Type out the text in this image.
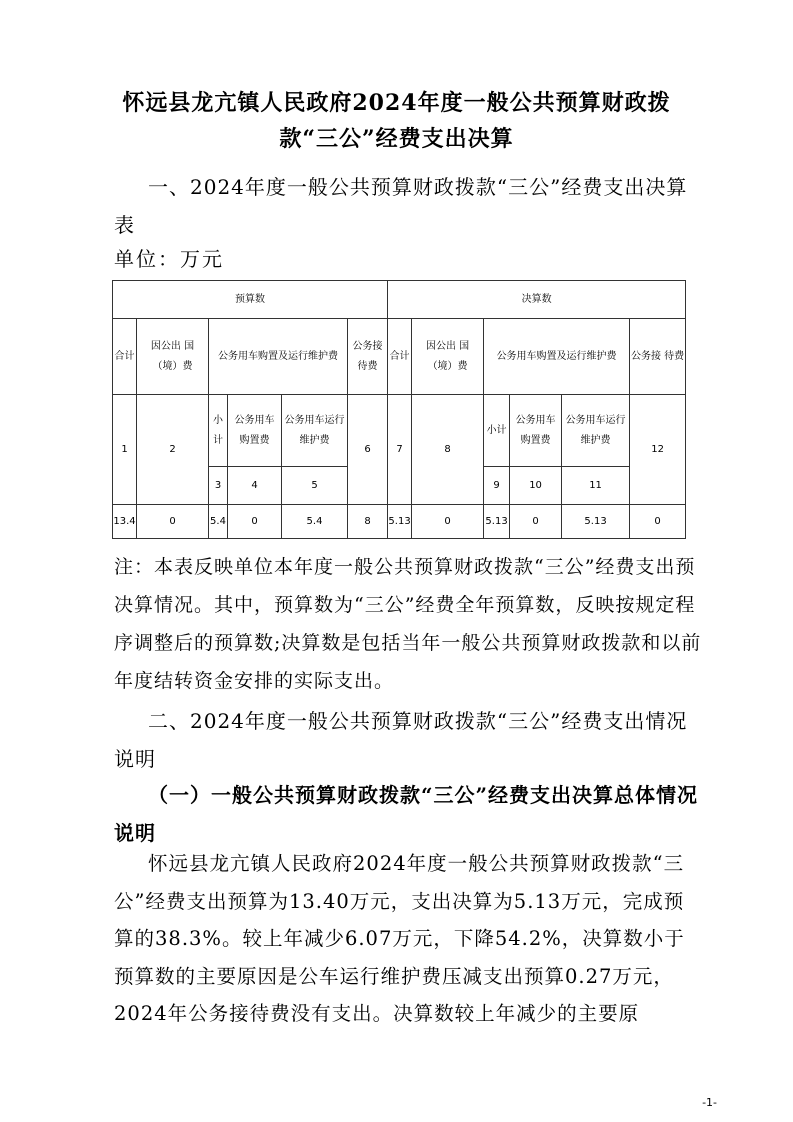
怀远县龙亢镇人民政府2024年度一般公共预算财政拨
款“三公”经费支出决算
一、2024年度一般公共预算财政拨款“三公”经费支出决算表
单位：万元
预算数						决算数					
合计	因公出 国 （境）费	公务用车购置及运行维护费			公务接 待费	合计	因公出 国 （境）费	公务用车购置及运行维护费			公务接 待费
1	2	小计	公务用车 购置费	公务用车运行 维护费	6	7	8	小计	公务用车 购置费	公务用车运行 维护费	12
		3	4	5				9	10	11	
13.4	0	5.4	0	5.4	8	5.13	0	5.13	0	5.13	0
注：本表反映单位本年度一般公共预算财政拨款“三公”经费支出预决算情况。其中，预算数为“三公”经费全年预算数，反映按规定程序调整后的预算数;决算数是包括当年一般公共预算财政拨款和以前年度结转资金安排的实际支出。
二、2024年度一般公共预算财政拨款“三公”经费支出情况说明
（一）一般公共预算财政拨款“三公”经费支出决算总体情况说明
怀远县龙亢镇人民政府2024年度一般公共预算财政拨款“三公”经费支出预算为13.40万元，支出决算为5.13万元，完成预算的38.3%。较上年减少6.07万元，下降54.2%，决算数小于预算数的主要原因是公车运行维护费压减支出预算0.27万元，2024年公务接待费没有支出。决算数较上年减少的主要原
-1-
